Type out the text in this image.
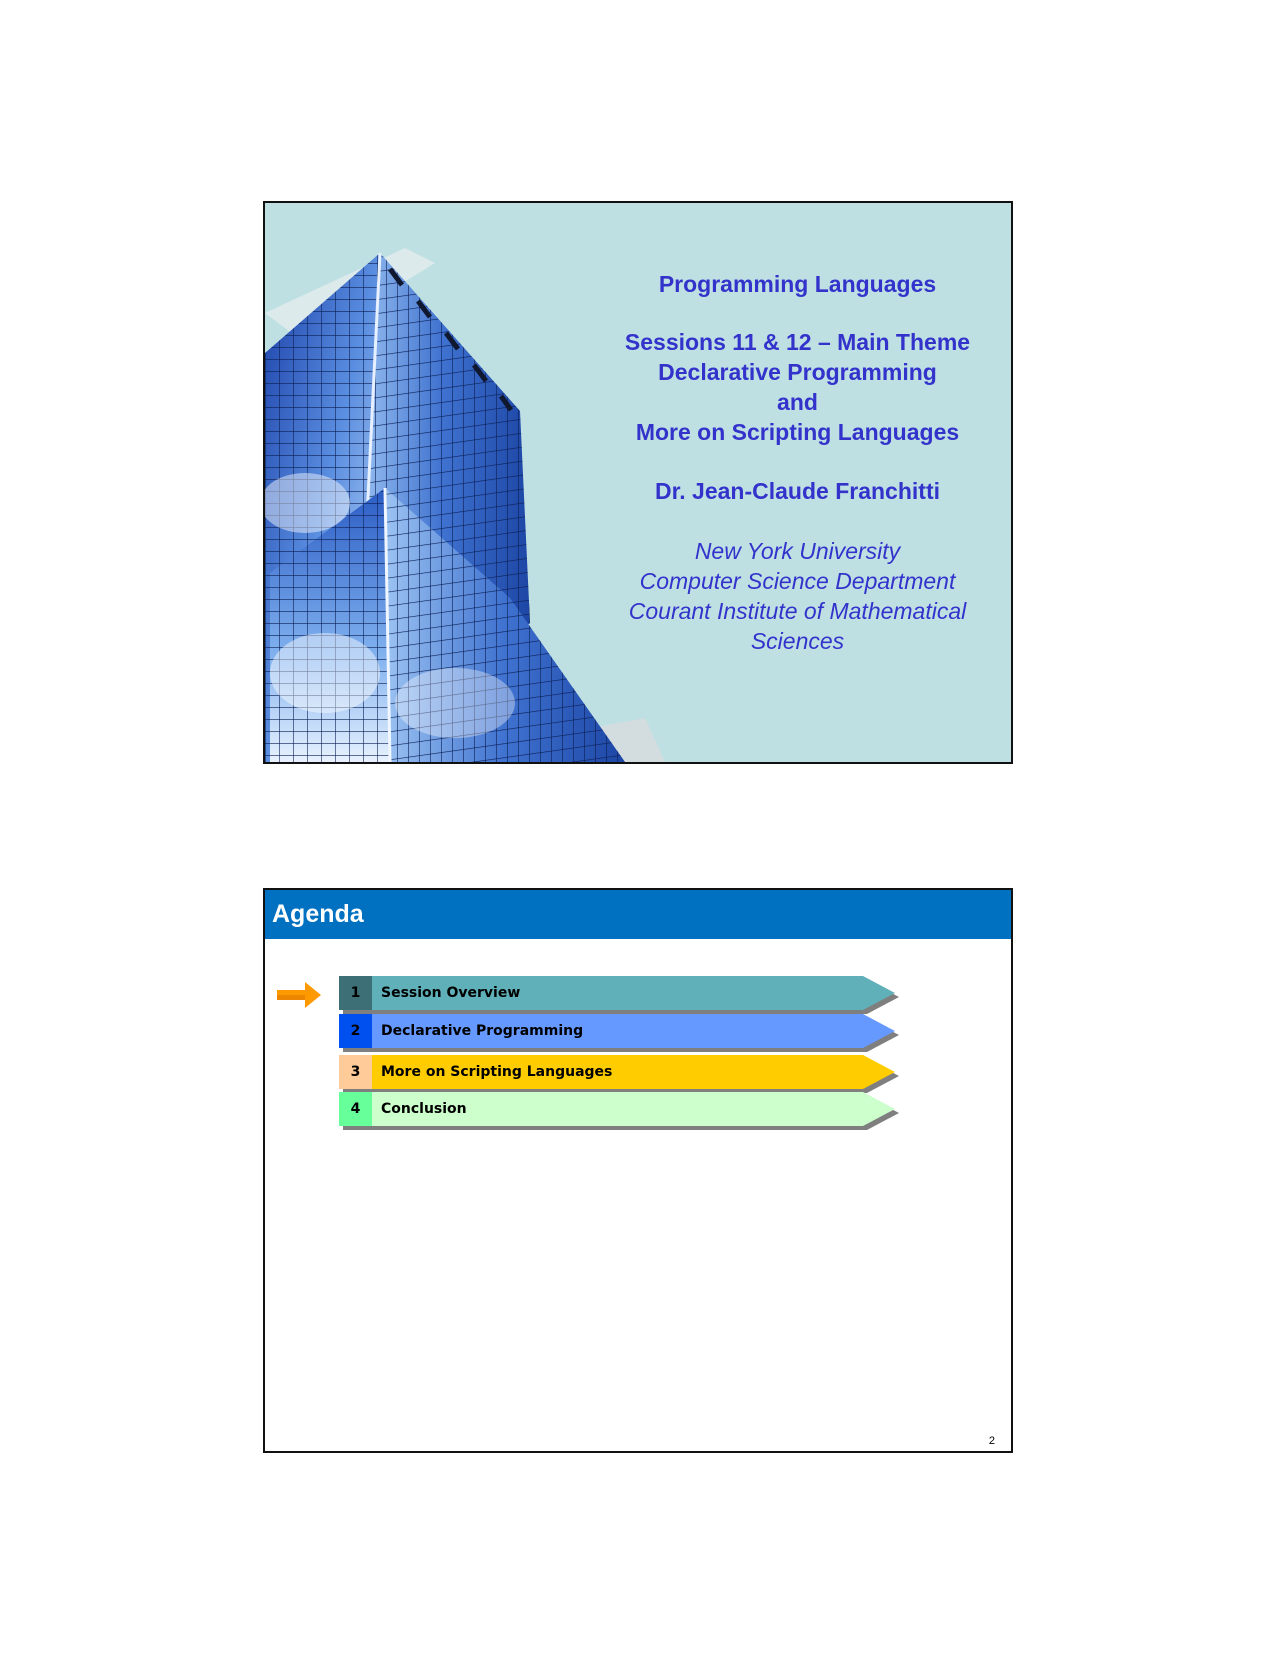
Programming Languages
Sessions 11 & 12 – Main Theme
Declarative Programming
and
More on Scripting Languages
Dr. Jean-Claude Franchitti
New York University
Computer Science Department
Courant Institute of Mathematical Sciences
Agenda
1	Session Overview
2	Declarative Programming
3	More on Scripting Languages
4	Conclusion
2
